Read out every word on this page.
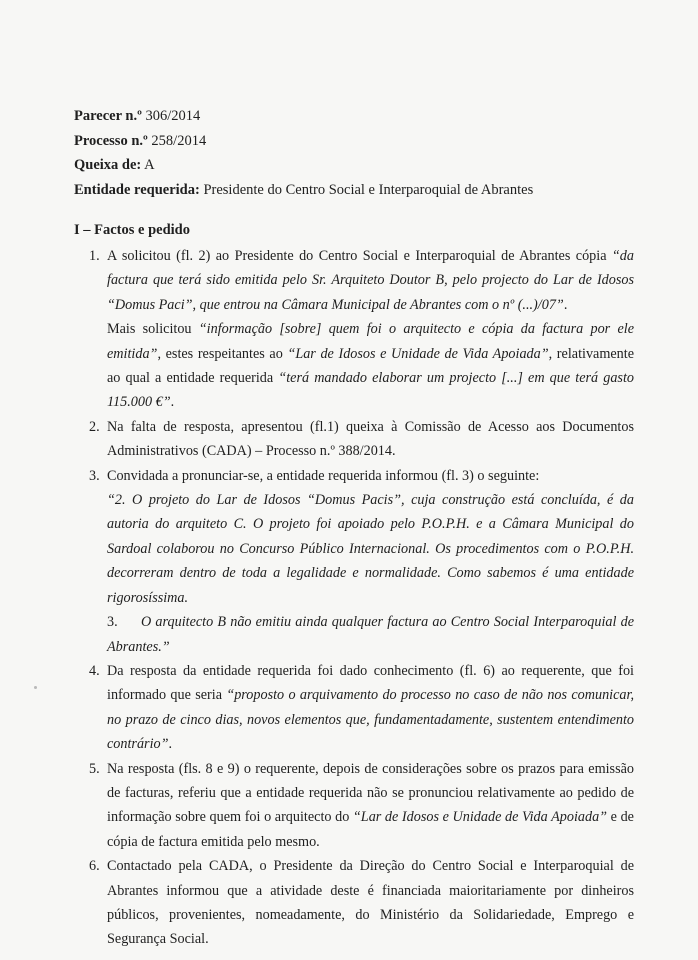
Parecer n.º 306/2014
Processo n.º 258/2014
Queixa de: A
Entidade requerida: Presidente do Centro Social e Interparoquial de Abrantes
I – Factos e pedido
1. A solicitou (fl. 2) ao Presidente do Centro Social e Interparoquial de Abrantes cópia “da factura que terá sido emitida pelo Sr. Arquiteto Doutor B, pelo projecto do Lar de Idosos “Domus Paci”, que entrou na Câmara Municipal de Abrantes com o nº (...)/07”.
Mais solicitou “informação [sobre] quem foi o arquitecto e cópia da factura por ele emitida”, estes respeitantes ao “Lar de Idosos e Unidade de Vida Apoiada”, relativamente ao qual a entidade requerida “terá mandado elaborar um projecto [...] em que terá gasto 115.000 €”.
2. Na falta de resposta, apresentou (fl.1) queixa à Comissão de Acesso aos Documentos Administrativos (CADA) – Processo n.º 388/2014.
3. Convidada a pronunciar-se, a entidade requerida informou (fl. 3) o seguinte:
“2. O projeto do Lar de Idosos “Domus Pacis”, cuja construção está concluída, é da autoria do arquiteto C. O projeto foi apoiado pelo P.O.P.H. e a Câmara Municipal do Sardoal colaborou no Concurso Público Internacional. Os procedimentos com o P.O.P.H. decorreram dentro de toda a legalidade e normalidade. Como sabemos é uma entidade rigorosíssima.
3. O arquitecto B não emitiu ainda qualquer factura ao Centro Social Interparoquial de Abrantes.”
4. Da resposta da entidade requerida foi dado conhecimento (fl. 6) ao requerente, que foi informado que seria “proposto o arquivamento do processo no caso de não nos comunicar, no prazo de cinco dias, novos elementos que, fundamentadamente, sustentem entendimento contrário”.
5. Na resposta (fls. 8 e 9) o requerente, depois de considerações sobre os prazos para emissão de facturas, referiu que a entidade requerida não se pronunciou relativamente ao pedido de informação sobre quem foi o arquitecto do “Lar de Idosos e Unidade de Vida Apoiada” e de cópia de factura emitida pelo mesmo.
6. Contactado pela CADA, o Presidente da Direção do Centro Social e Interparoquial de Abrantes informou que a atividade deste é financiada maioritariamente por dinheiros públicos, provenientes, nomeadamente, do Ministério da Solidariedade, Emprego e Segurança Social.
